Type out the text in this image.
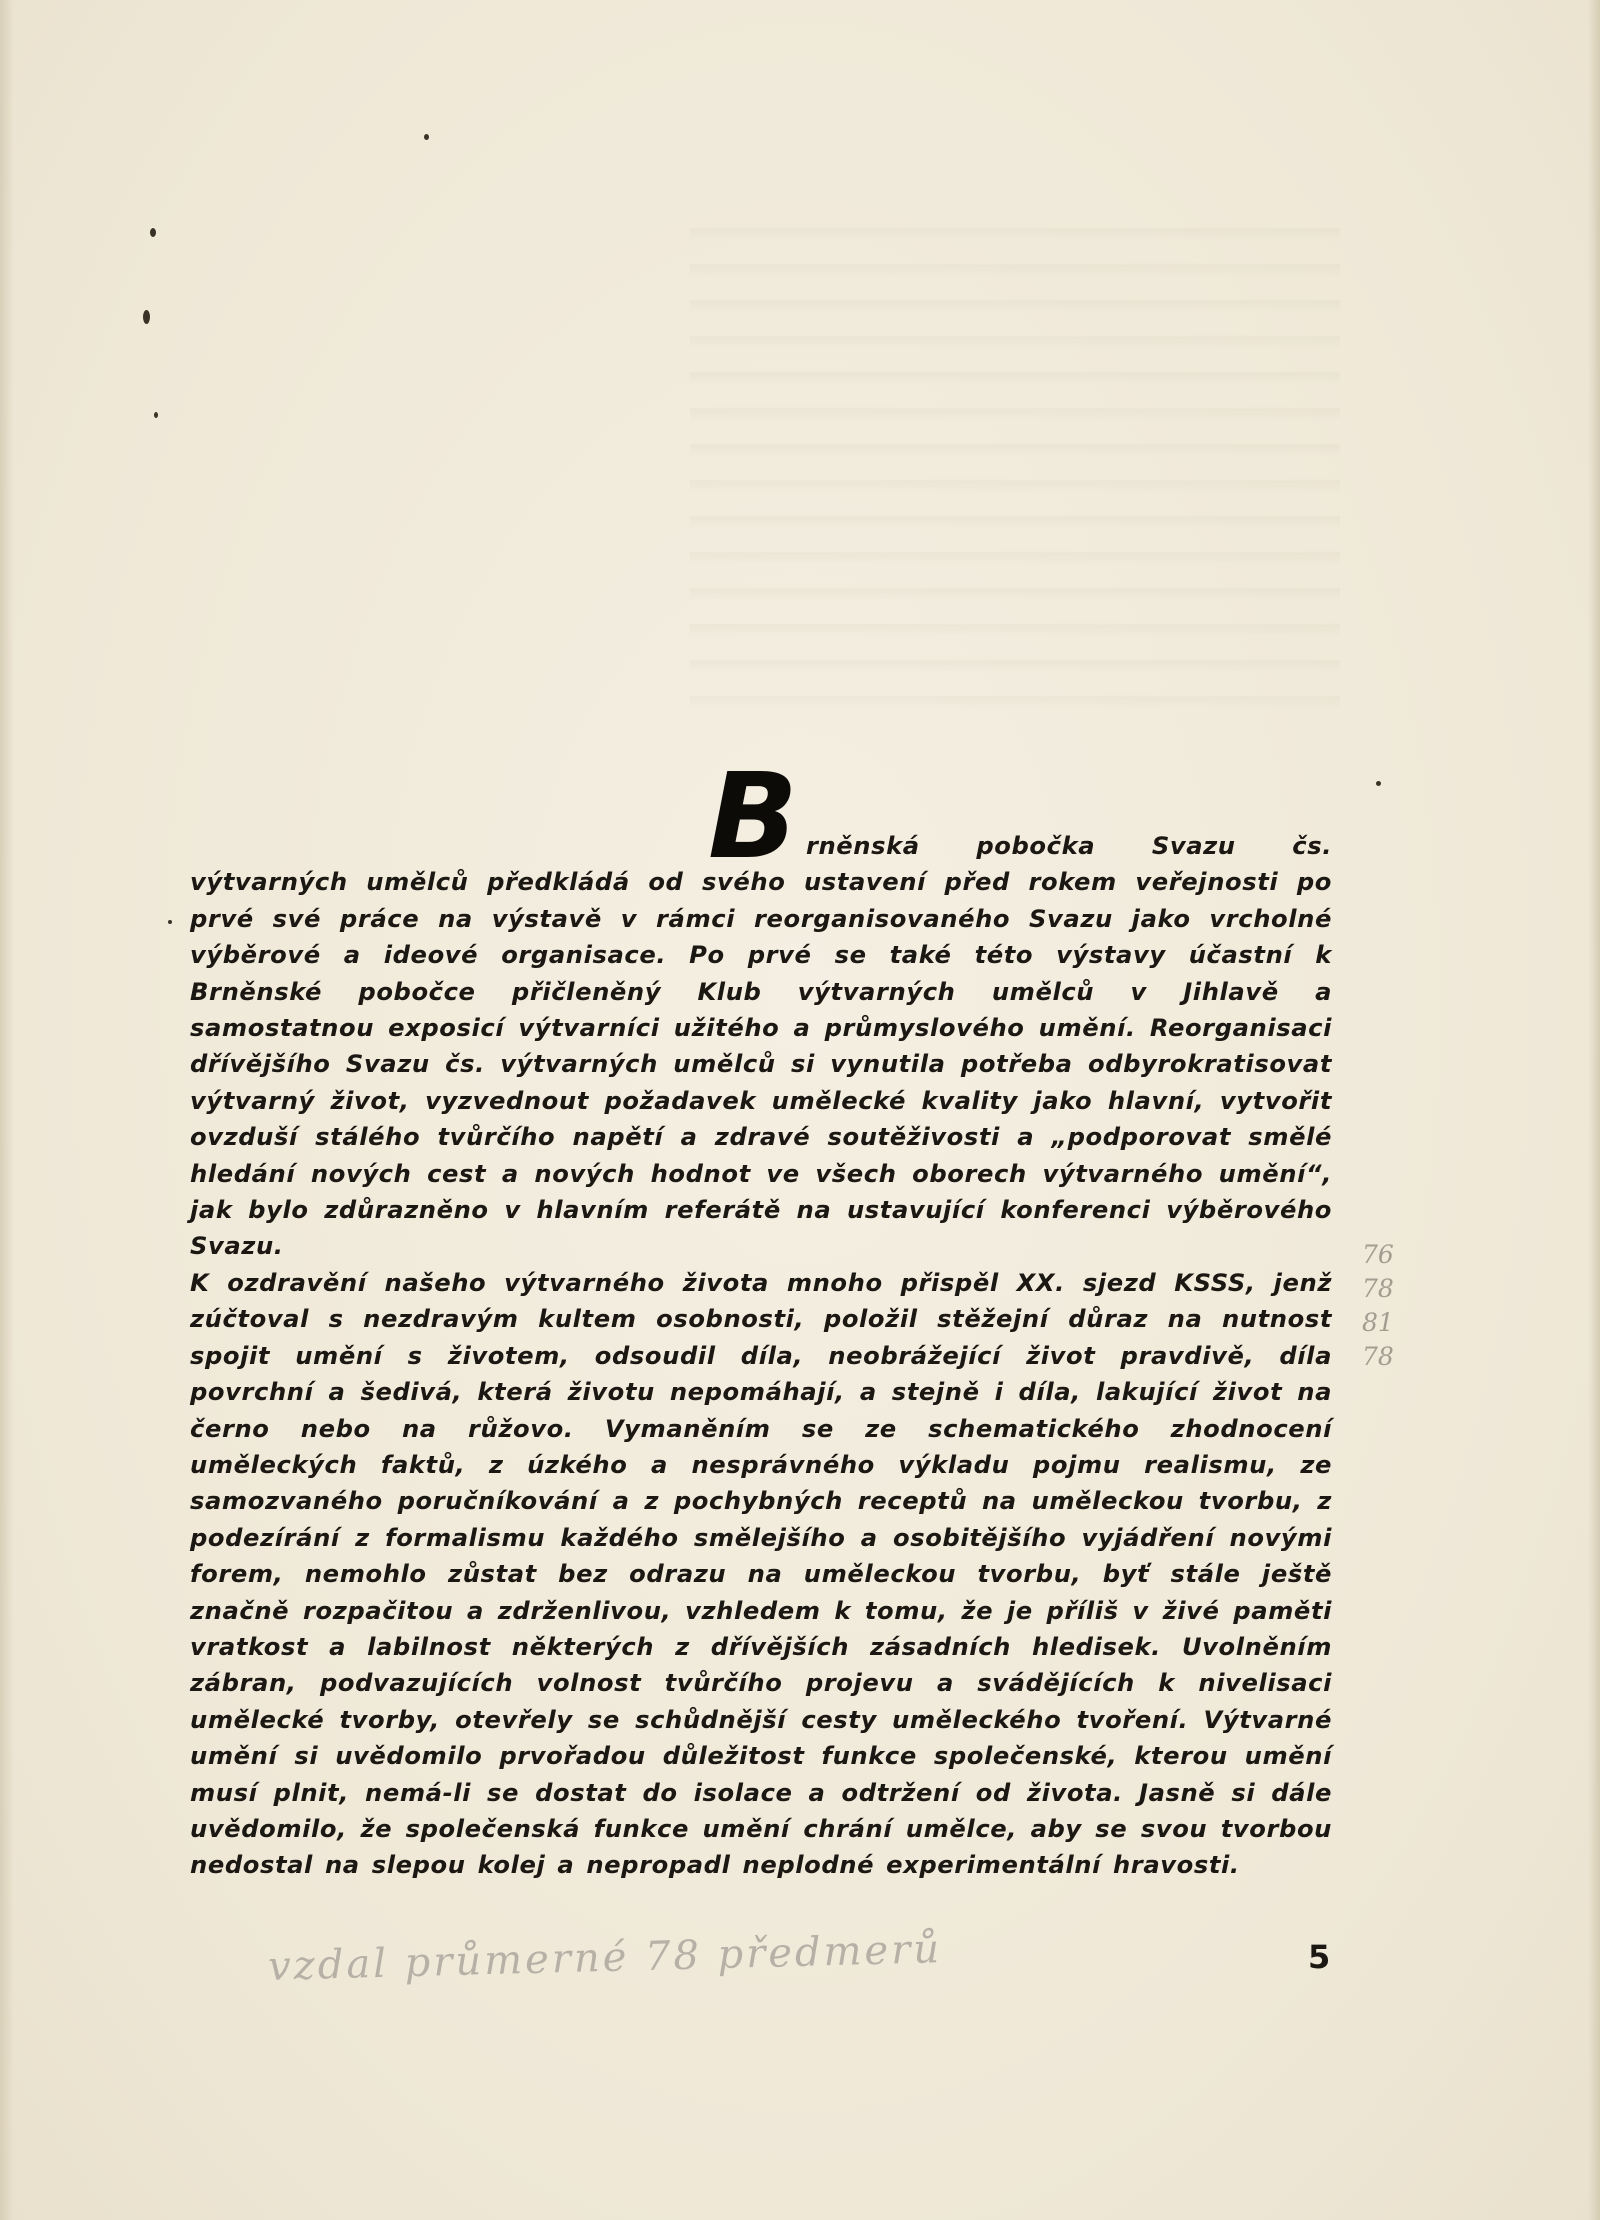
B rněnská pobočka Svazu čs. výtvarných umělců předkládá od svého ustavení před rokem veřejnosti po prvé své práce na výstavě v rámci reorganisovaného Svazu jako vrcholné výběrové a ideové organisace. Po prvé se také této výstavy účastní k Brněnské pobočce přičleněný Klub výtvarných umělců v Jihlavě a samostatnou exposicí výtvarníci užitého a průmyslového umění. Reorganisaci dřívějšího Svazu čs. výtvarných umělců si vynutila potřeba odbyrokratisovat výtvarný život, vyzvednout požadavek umělecké kvality jako hlavní, vytvořit ovzduší stálého tvůrčího napětí a zdravé soutěživosti a „podporovat smělé hledání nových cest a nových hodnot ve všech oborech výtvarného umění“, jak bylo zdůrazněno v hlavním referátě na ustavující konferenci výběrového Svazu.
K ozdravění našeho výtvarného života mnoho přispěl XX. sjezd KSSS, jenž zúčtoval s nezdravým kultem osobnosti, položil stěžejní důraz na nutnost spojit umění s životem, odsoudil díla, neobrážející život pravdivě, díla povrchní a šedivá, která životu nepomáhají, a stejně i díla, lakující život na černo nebo na růžovo. Vymaněním se ze schematického zhodnocení uměleckých faktů, z úzkého a nesprávného výkladu pojmu realismu, ze samozvaného poručníkování a z pochybných receptů na uměleckou tvorbu, z podezírání z formalismu každého smělejšího a osobitějšího vyjádření novými forem, nemohlo zůstat bez odrazu na uměleckou tvorbu, byť stále ještě značně rozpačitou a zdrženlivou, vzhledem k tomu, že je příliš v živé paměti vratkost a labilnost některých z dřívějších zásadních hledisek. Uvolněním zábran, podvazujících volnost tvůrčího projevu a svádějících k nivelisaci umělecké tvorby, otevřely se schůdnější cesty uměleckého tvoření. Výtvarné umění si uvědomilo prvořadou důležitost funkce společenské, kterou umění musí plnit, nemá-li se dostat do isolace a odtržení od života. Jasně si dále uvědomilo, že společenská funkce umění chrání umělce, aby se svou tvorbou nedostal na slepou kolej a nepropadl neplodné experimentální hravosti.
76
78
81
78

vzdal průmerné 78 předmerů	5
